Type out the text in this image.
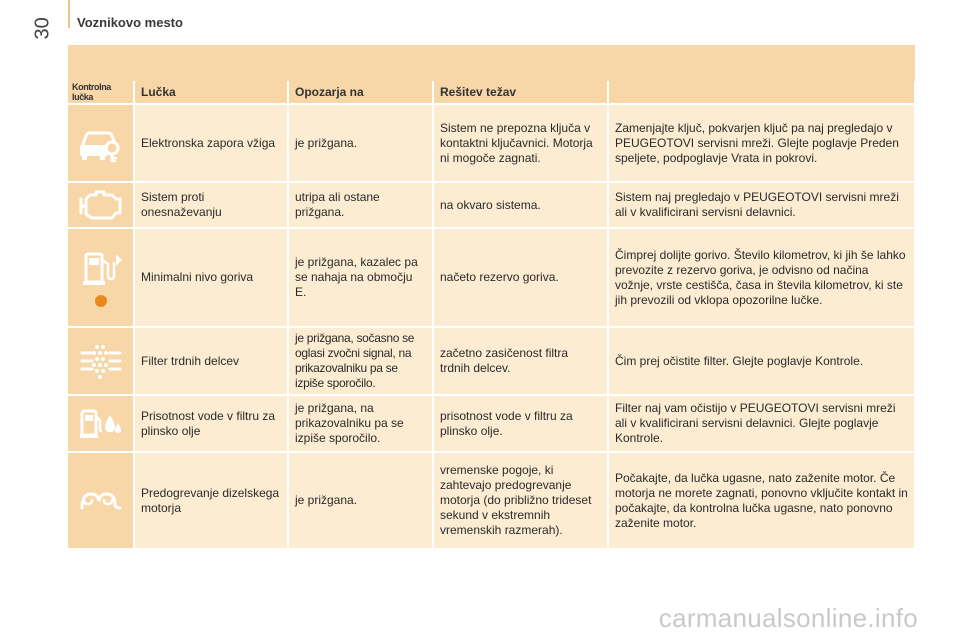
30 Voznikovo mesto
Kontrolna lučka	Lučka	Opozarja na	Rešitev težav	
	Elektronska zapora vžiga	je prižgana.	Sistem ne prepozna ključa v kontaktni ključavnici. Motorja ni mogoče zagnati.	Zamenjajte ključ, pokvarjen ključ pa naj pregledajo v PEUGEOTOVI servisni mreži. Glejte poglavje Preden speljete, podpoglavje Vrata in pokrovi.
	Sistem proti onesnaževanju	utripa ali ostane prižgana.	na okvaro sistema.	Sistem naj pregledajo v PEUGEOTOVI servisni mreži ali v kvalificirani servisni delavnici.
	Minimalni nivo goriva	je prižgana, kazalec pa se nahaja na območju E.	načeto rezervo goriva.	Čimprej dolijte gorivo. Število kilometrov, ki jih še lahko prevozite z rezervo goriva, je odvisno od načina vožnje, vrste cestišča, časa in števila kilometrov, ki ste jih prevozili od vklopa opozorilne lučke.
	Filter trdnih delcev	je prižgana, sočasno se oglasi zvočni signal, na prikazovalniku pa se izpiše sporočilo.	začetno zasičenost filtra trdnih delcev.	Čim prej očistite filter. Glejte poglavje Kontrole.
	Prisotnost vode v filtru za plinsko olje	je prižgana, na prikazovalniku pa se izpiše sporočilo.	prisotnost vode v filtru za plinsko olje.	Filter naj vam očistijo v PEUGEOTOVI servisni mreži ali v kvalificirani servisni delavnici. Glejte poglavje Kontrole.
	Predogrevanje dizelskega motorja	je prižgana.	vremenske pogoje, ki zahtevajo predogrevanje motorja (do približno trideset sekund v ekstremnih vremenskih razmerah).	Počakajte, da lučka ugasne, nato zaženite motor. Če motorja ne morete zagnati, ponovno vključite kontakt in počakajte, da kontrolna lučka ugasne, nato ponovno zaženite motor.
carmanualsonline.info
